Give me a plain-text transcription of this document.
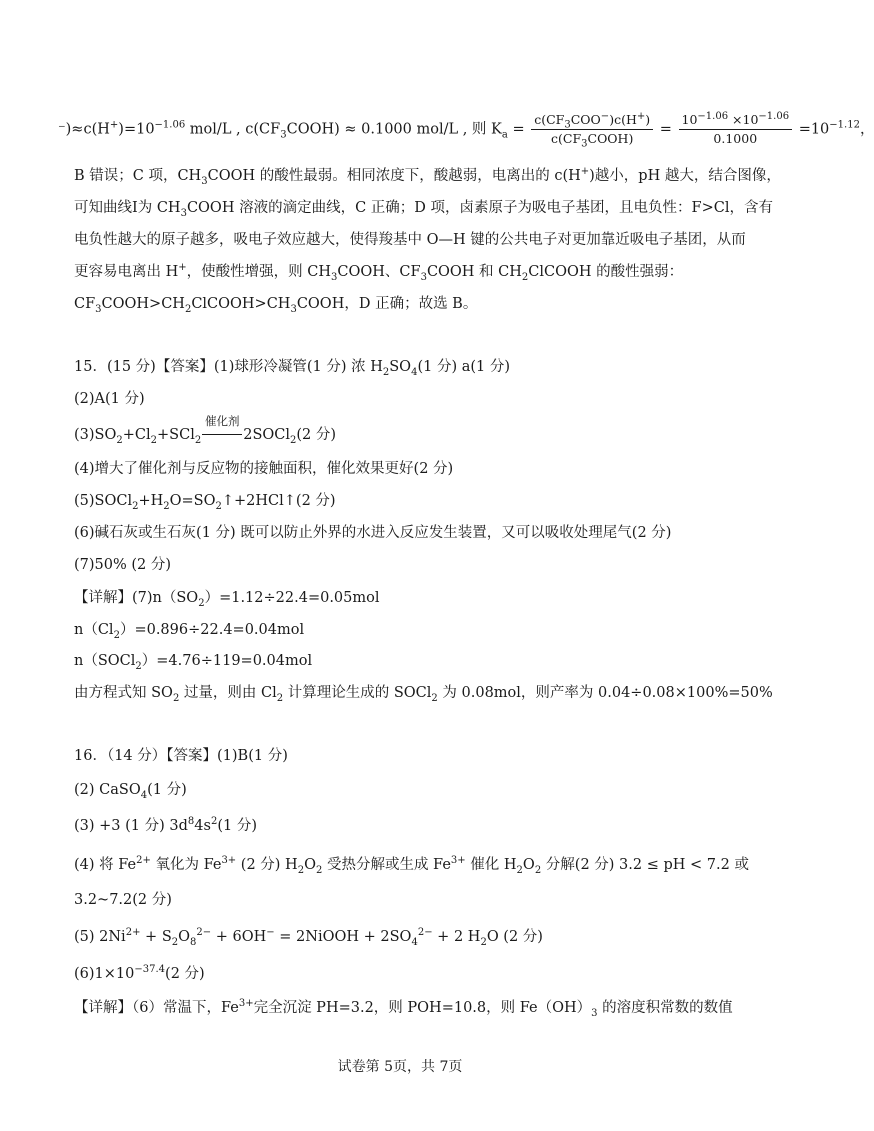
$^-)\approx c(H^+)=10^{-1.06}$ mol/L , $c(CF_3COOH) \approx 0.1000$ mol/L , 则 $K_a = \frac{c(CF_3COO^-)c(H^+)}{c(CF_3COOH)} = \frac{10^{-1.06} \times 10^{-1.06}}{0.1000} =10^{-1.12}$，
B 错误；C 项，$CH_3COOH$ 的酸性最弱。相同浓度下，酸越弱，电离出的 c(H+)越小，pH 越大，结合图像，
可知曲线Ⅰ为 $CH_3COOH$ 溶液的滴定曲线，C 正确；D 项，卤素原子为吸电子基团，且电负性：F>Cl，含有
电负性越大的原子越多，吸电子效应越大，使得羧基中 O—H 键的公共电子对更加靠近吸电子基团，从而
更容易电离出 H+，使酸性增强，则 $CH_3COOH$、$CF_3COOH$ 和 $CH_2ClCOOH$ 的酸性强弱：
$CF_3COOH>CH_2ClCOOH>CH_3COOH$，D 正确；故选 B。
15．(15 分)【答案】(1)球形冷凝管(1 分) 浓 $H_2SO_4(1$ 分) a(1 分)
(2)A(1 分)
$(3)SO_2+Cl_2+SCl_2$
催化剂
2SOCl$_2$(2 分)
(4)增大了催化剂与反应物的接触面积，催化效果更好(2 分)
$(5)SOCl_2+H_2O=SO_2↑+2HCl↑(2$ 分)
(6)碱石灰或生石灰(1 分) 既可以防止外界的水进入反应发生装置，又可以吸收处理尾气(2 分)
(7)50% (2 分)
【详解】$(7)n(SO_2)=1.12\div 22.4=0.05mol$
$n(Cl_2)=0.896\div 22.4=0.04mol$
n（SOCl$_2$）=4.76÷119=0.04mol
由方程式知 $SO_2$ 过量，则由 $Cl_2$ 计算理论生成的 SOCl$_2$ 为 0.08mol，则产率为 0.04÷0.08×100%=50%
16．（14 分）【答案】(1)B(1 分)
(2) CaSO$_4$(1 分)
(3) +3 (1 分) $3d^84s^2(1$ 分)
(4) 将 $Fe^{2+}$ 氧化为 $Fe^{3+}$ (2 分) $H_2O_2$ 受热分解或生成 $Fe^{3+}$ 催化 $H_2O_2$ 分解(2 分) 3.2 ≤ pH < 7.2 或
3.2~7.2(2 分)
(5) $2Ni^{2+} + S_2O_8^{2-} + 6OH^-$ = 2NiOOH + $2SO_4^{2-} + 2$ $H_2O$ (2 分)
$(6)1\times 10^{-37.4}(2$ 分)
【详解】（6）常温下，$Fe^{3+}$完全沉淀 PH=3.2，则 POH=10.8，则 $Fe(OH)_3$ 的溶度积常数的数值
试卷第 5页，共 7页
